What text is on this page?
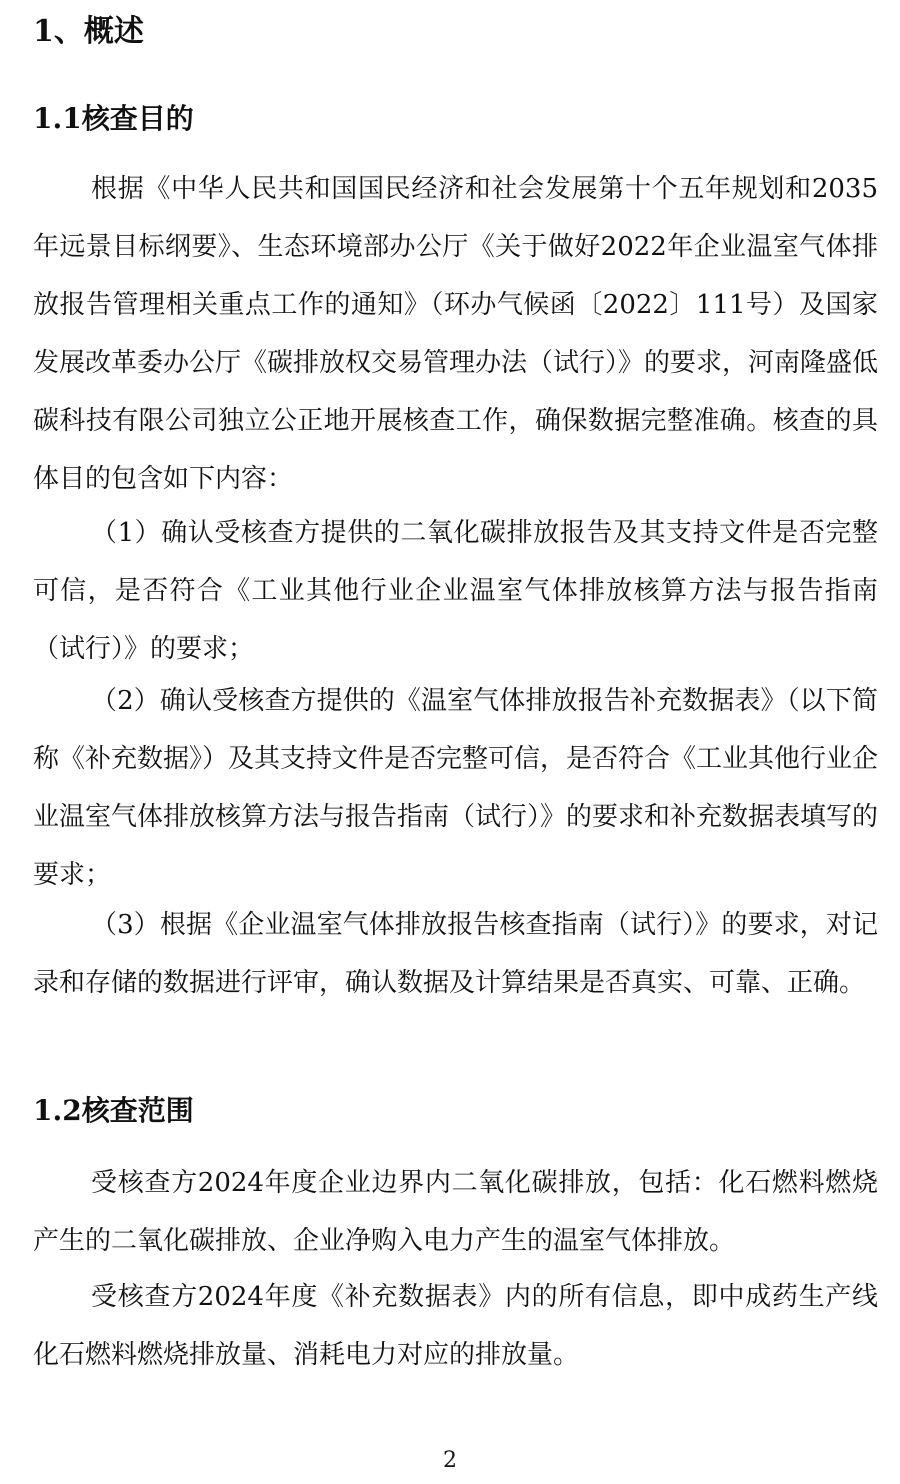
1、概述
1.1核查目的

根据《中华人民共和国国民经济和社会发展第十个五年规划和2035年远景目标纲要》、生态环境部办公厅《关于做好2022年企业温室气体排放报告管理相关重点工作的通知》（环办气候函〔2022〕111号）及国家发展改革委办公厅《碳排放权交易管理办法（试行）》的要求，河南隆盛低碳科技有限公司独立公正地开展核查工作，确保数据完整准确。核查的具体目的包含如下内容：

（1）确认受核查方提供的二氧化碳排放报告及其支持文件是否完整可信，是否符合《工业其他行业企业温室气体排放核算方法与报告指南（试行）》的要求；

（2）确认受核查方提供的《温室气体排放报告补充数据表》（以下简称《补充数据》）及其支持文件是否完整可信，是否符合《工业其他行业企业温室气体排放核算方法与报告指南（试行）》的要求和补充数据表填写的要求；

（3）根据《企业温室气体排放报告核查指南（试行）》的要求，对记录和存储的数据进行评审，确认数据及计算结果是否真实、可靠、正确。

1.2核查范围

受核查方2024年度企业边界内二氧化碳排放，包括：化石燃料燃烧产生的二氧化碳排放、企业净购入电力产生的温室气体排放。

受核查方2024年度《补充数据表》内的所有信息，即中成药生产线化石燃料燃烧排放量、消耗电力对应的排放量。

2
